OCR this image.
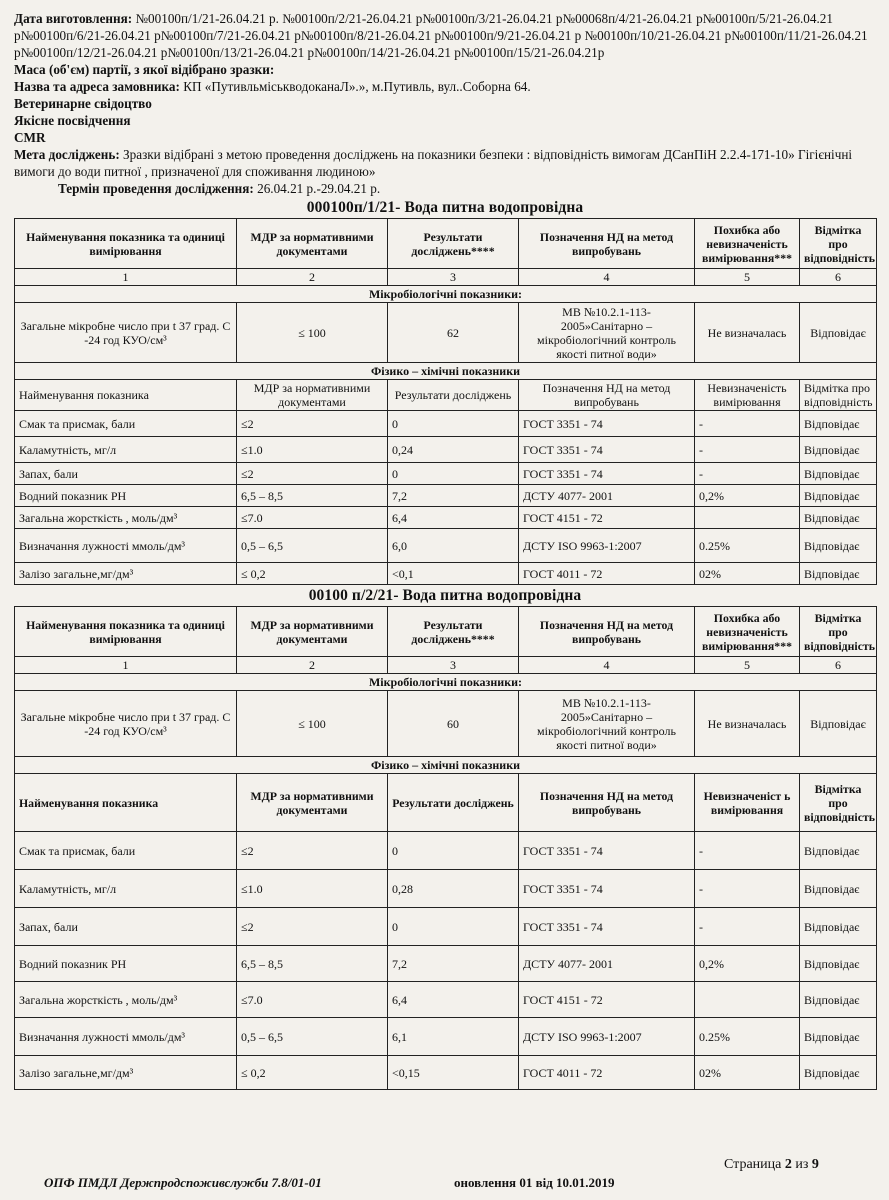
Дата виготовлення: №00100п/1/21-26.04.21 р. №00100п/2/21-26.04.21 р№00100п/3/21-26.04.21 р№00068п/4/21-26.04.21 р№00100п/5/21-26.04.21 р№00100п/6/21-26.04.21 р№00100п/7/21-26.04.21 р№00100п/8/21-26.04.21 р№00100п/9/21-26.04.21 р №00100п/10/21-26.04.21 р№00100п/11/21-26.04.21 р№00100п/12/21-26.04.21 р№00100п/13/21-26.04.21 р№00100п/14/21-26.04.21 р№00100п/15/21-26.04.21р

Маса (об'єм) партії, з якої відібрано зразки:

Назва та адреса замовника: КП «ПутивльміськводоканаЛ».», м.Путивль, вул..Соборна 64.

Ветеринарне свідоцтво

Якісне посвідчення

CMR

Мета досліджень: Зразки відібрані з метою проведення досліджень на показники безпеки : відповідність вимогам ДСанПіН 2.2.4-171-10» Гігієнічні вимоги до води питної , призначеної для споживання людиною»

Термін проведення дослідження: 26.04.21 р.-29.04.21 р.

000100п/1/21- Вода питна водопровідна
Найменування показника та одиниці вимірювання	МДР за нормативними документами	Результати досліджень****	Позначення НД на метод випробувань	Похибка або невизначеність вимірювання***	Відмітка про відповідність
1	2	3	4	5	6
Мікробіологічні показники:					
Загальне мікробне число при t 37 град. С -24 год КУО/см³	≤ 100	62	МВ №10.2.1-113-2005»Санітарно – мікробіологічний контроль якості питної води»	Не визначалась	Відповідає
Фізико – хімічні показники					
Найменування показника	МДР за нормативними документами	Результати досліджень	Позначення НД на метод випробувань	Невизначеність вимірювання	Відмітка про відповідність
Смак та присмак, бали	≤2	0	ГОСТ 3351 - 74	-	Відповідає
Каламутність, мг/л	≤1.0	0,24	ГОСТ 3351 - 74	-	Відповідає
Запах, бали	≤2	0	ГОСТ 3351 - 74	-	Відповідає
Водний показник РН	6,5 – 8,5	7,2	ДСТУ 4077- 2001	0,2%	Відповідає
Загальна жорсткість , моль/дм³	≤7.0	6,4	ГОСТ 4151 - 72		Відповідає
Визначання лужності ммоль/дм³	0,5 – 6,5	6,0	ДСТУ ISO 9963-1:2007	0.25%	Відповідає
Залізо загальне,мг/дм³	≤ 0,2	<0,1	ГОСТ 4011 - 72	02%	Відповідає
00100 п/2/21- Вода питна водопровідна
Найменування показника та одиниці вимірювання	МДР за нормативними документами	Результати досліджень****	Позначення НД на метод випробувань	Похибка або невизначеність вимірювання***	Відмітка про відповідність
1	2	3	4	5	6
Мікробіологічні показники:					
Загальне мікробне число при t 37 град. С -24 год КУО/см³	≤ 100	60	МВ №10.2.1-113-2005»Санітарно – мікробіологічний контроль якості питної води»	Не визначалась	Відповідає
Фізико – хімічні показники					
Найменування показника	МДР за нормативними документами	Результати досліджень	Позначення НД на метод випробувань	Невизначеніст ь вимірювання	Відмітка про відповідність
Смак та присмак, бали	≤2	0	ГОСТ 3351 - 74	-	Відповідає
Каламутність, мг/л	≤1.0	0,28	ГОСТ 3351 - 74	-	Відповідає
Запах, бали	≤2	0	ГОСТ 3351 - 74	-	Відповідає
Водний показник РН	6,5 – 8,5	7,2	ДСТУ 4077- 2001	0,2%	Відповідає
Загальна жорсткість , моль/дм³	≤7.0	6,4	ГОСТ 4151 - 72		Відповідає
Визначання лужності ммоль/дм³	0,5 – 6,5	6,1	ДСТУ ISO 9963-1:2007	0.25%	Відповідає
Залізо загальне,мг/дм³	≤ 0,2	<0,15	ГОСТ 4011 - 72	02%	Відповідає
Страница 2 из 9
ОПФ ПМДЛ Держпродспоживслужби 7.8/01-01	оновлення 01 від 10.01.2019
